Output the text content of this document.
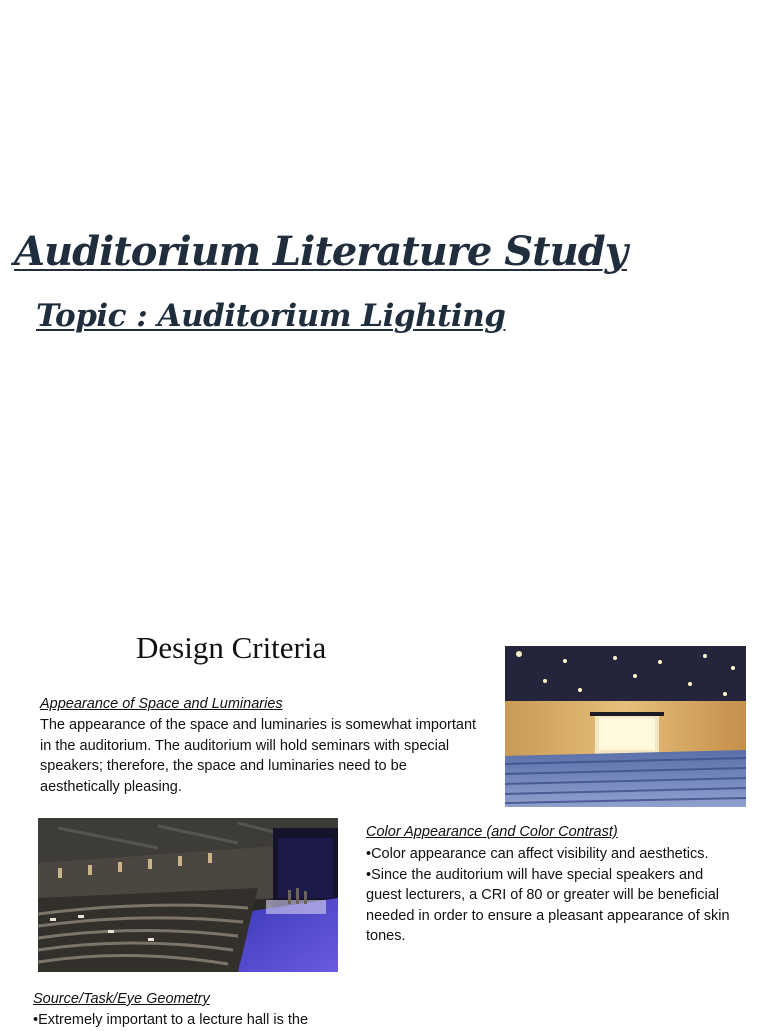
Auditorium Literature Study
Topic : Auditorium Lighting
Design Criteria
Appearance of Space and Luminaries
The appearance of the space and luminaries is somewhat important in the auditorium. The auditorium will hold seminars with special speakers; therefore, the space and luminaries need to be aesthetically pleasing.
Color Appearance (and Color Contrast)
•Color appearance can affect visibility and aesthetics.
•Since the auditorium will have special speakers and guest lecturers, a CRI of 80 or greater will be beneficial needed in order to ensure a pleasant appearance of skin tones.
Source/Task/Eye Geometry
•Extremely important to a lecture hall is the
